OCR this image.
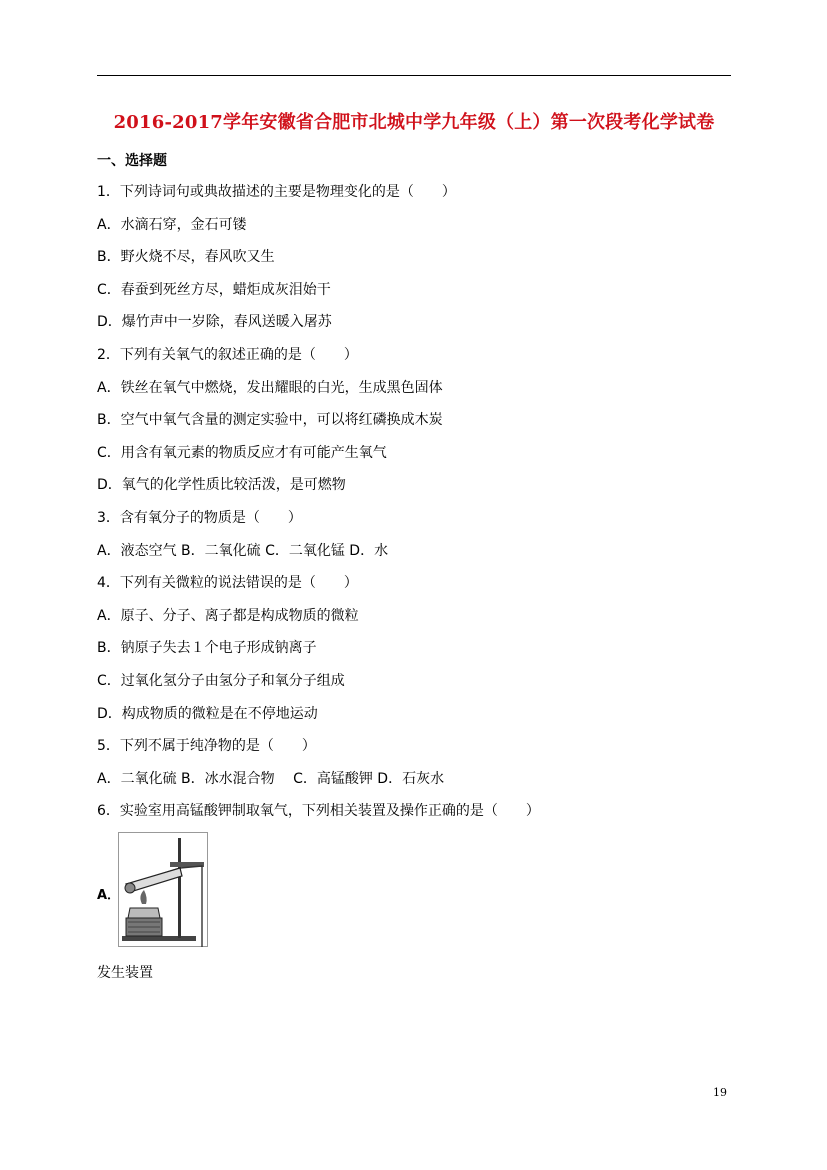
2016-2017学年安徽省合肥市北城中学九年级（上）第一次段考化学试卷
一、选择题
1．下列诗词句或典故描述的主要是物理变化的是（　　）
A．水滴石穿，金石可镂
B．野火烧不尽，春风吹又生
C．春蚕到死丝方尽，蜡炬成灰泪始干
D．爆竹声中一岁除，春风送暖入屠苏
2．下列有关氧气的叙述正确的是（　　）
A．铁丝在氧气中燃烧，发出耀眼的白光，生成黑色固体
B．空气中氧气含量的测定实验中，可以将红磷换成木炭
C．用含有氧元素的物质反应才有可能产生氧气
D．氧气的化学性质比较活泼，是可燃物
3．含有氧分子的物质是（　　）
A．液态空气 B．二氧化硫 C．二氧化锰 D．水
4．下列有关微粒的说法错误的是（　　）
A．原子、分子、离子都是构成物质的微粒
B．钠原子失去１个电子形成钠离子
C．过氧化氢分子由氢分子和氧分子组成
D．构成物质的微粒是在不停地运动
5．下列不属于纯净物的是（　　）
A．二氧化硫 B．冰水混合物　 C．高锰酸钾 D．石灰水
6．实验室用高锰酸钾制取氧气，下列相关装置及操作正确的是（　　）
A．
发生装置
19
